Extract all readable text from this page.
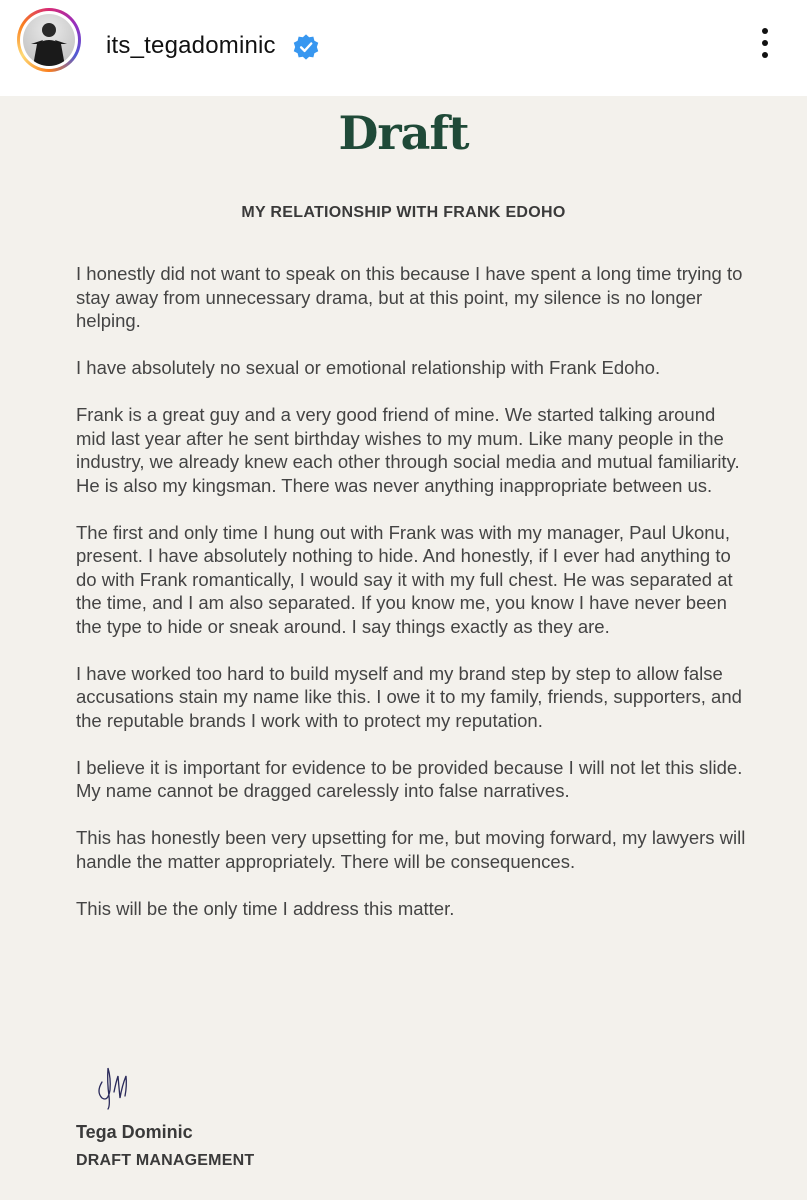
its_tegadominic
Draft
MY RELATIONSHIP WITH FRANK EDOHO

I honestly did not want to speak on this because I have spent a long time trying to stay away from unnecessary drama, but at this point, my silence is no longer helping.

I have absolutely no sexual or emotional relationship with Frank Edoho.

Frank is a great guy and a very good friend of mine. We started talking around mid last year after he sent birthday wishes to my mum. Like many people in the industry, we already knew each other through social media and mutual familiarity. He is also my kingsman. There was never anything inappropriate between us.

The first and only time I hung out with Frank was with my manager, Paul Ukonu, present. I have absolutely nothing to hide. And honestly, if I ever had anything to do with Frank romantically, I would say it with my full chest. He was separated at the time, and I am also separated. If you know me, you know I have never been the type to hide or sneak around. I say things exactly as they are.

I have worked too hard to build myself and my brand step by step to allow false accusations stain my name like this. I owe it to my family, friends, supporters, and the reputable brands I work with to protect my reputation.

I believe it is important for evidence to be provided because I will not let this slide. My name cannot be dragged carelessly into false narratives.

This has honestly been very upsetting for me, but moving forward, my lawyers will handle the matter appropriately. There will be consequences.

This will be the only time I address this matter.

Tega Dominic
DRAFT MANAGEMENT
